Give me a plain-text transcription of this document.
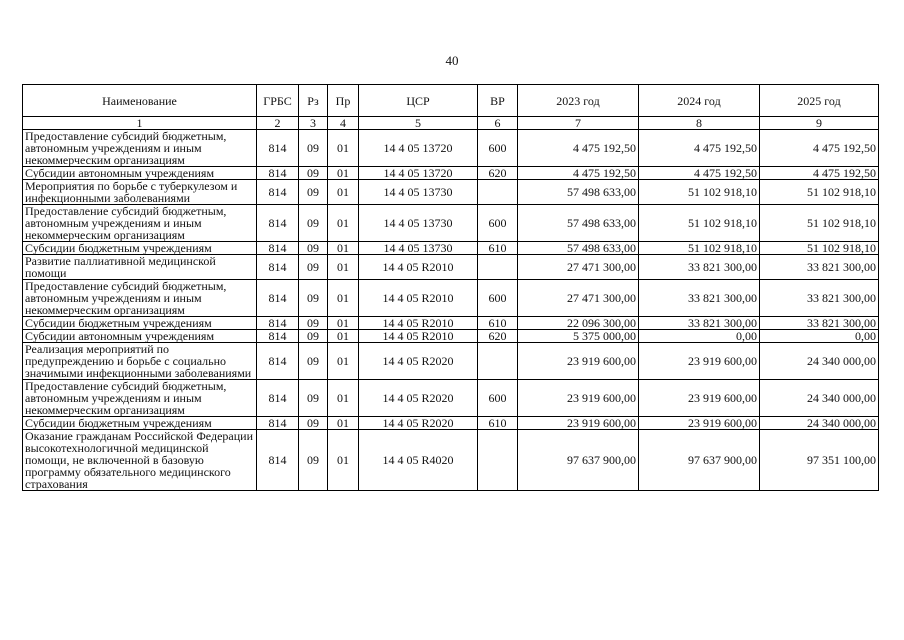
40
Наименование	ГРБС	Рз	Пр	ЦСР	ВР	2023 год	2024 год	2025 год
1	2	3	4	5	6	7	8	9
Предоставление субсидий бюджетным, автономным учреждениям и иным некоммерческим организациям	814	09	01	14 4 05 13720	600	4 475 192,50	4 475 192,50	4 475 192,50
Субсидии автономным учреждениям	814	09	01	14 4 05 13720	620	4 475 192,50	4 475 192,50	4 475 192,50
Мероприятия по борьбе с туберкулезом и инфекционными заболеваниями	814	09	01	14 4 05 13730		57 498 633,00	51 102 918,10	51 102 918,10
Предоставление субсидий бюджетным, автономным учреждениям и иным некоммерческим организациям	814	09	01	14 4 05 13730	600	57 498 633,00	51 102 918,10	51 102 918,10
Субсидии бюджетным учреждениям	814	09	01	14 4 05 13730	610	57 498 633,00	51 102 918,10	51 102 918,10
Развитие паллиативной медицинской помощи	814	09	01	14 4 05 R2010		27 471 300,00	33 821 300,00	33 821 300,00
Предоставление субсидий бюджетным, автономным учреждениям и иным некоммерческим организациям	814	09	01	14 4 05 R2010	600	27 471 300,00	33 821 300,00	33 821 300,00
Субсидии бюджетным учреждениям	814	09	01	14 4 05 R2010	610	22 096 300,00	33 821 300,00	33 821 300,00
Субсидии автономным учреждениям	814	09	01	14 4 05 R2010	620	5 375 000,00	0,00	0,00
Реализация мероприятий по предупреждению и борьбе с социально значимыми инфекционными заболеваниями	814	09	01	14 4 05 R2020		23 919 600,00	23 919 600,00	24 340 000,00
Предоставление субсидий бюджетным, автономным учреждениям и иным некоммерческим организациям	814	09	01	14 4 05 R2020	600	23 919 600,00	23 919 600,00	24 340 000,00
Субсидии бюджетным учреждениям	814	09	01	14 4 05 R2020	610	23 919 600,00	23 919 600,00	24 340 000,00
Оказание гражданам Российской Федерации высокотехнологичной медицинской помощи, не включенной в базовую программу обязательного медицинского страхования	814	09	01	14 4 05 R4020		97 637 900,00	97 637 900,00	97 351 100,00
